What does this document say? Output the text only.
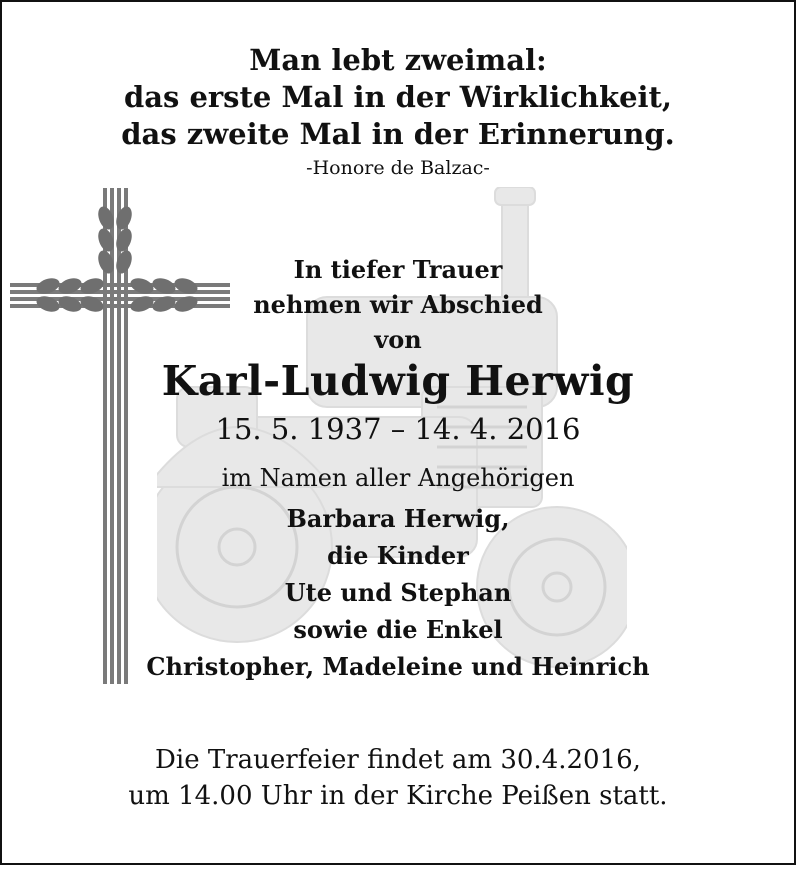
Man lebt zweimal:
das erste Mal in der Wirklichkeit,
das zweite Mal in der Erinnerung.
-Honore de Balzac-
In tiefer Trauer
nehmen wir Abschied
von
Karl-Ludwig Herwig
15. 5. 1937 – 14. 4. 2016
im Namen aller Angehörigen
Barbara Herwig,
die Kinder
Ute und Stephan
sowie die Enkel
Christopher, Madeleine und Heinrich
Die Trauerfeier findet am 30.4.2016,
um 14.00 Uhr in der Kirche Peißen statt.
